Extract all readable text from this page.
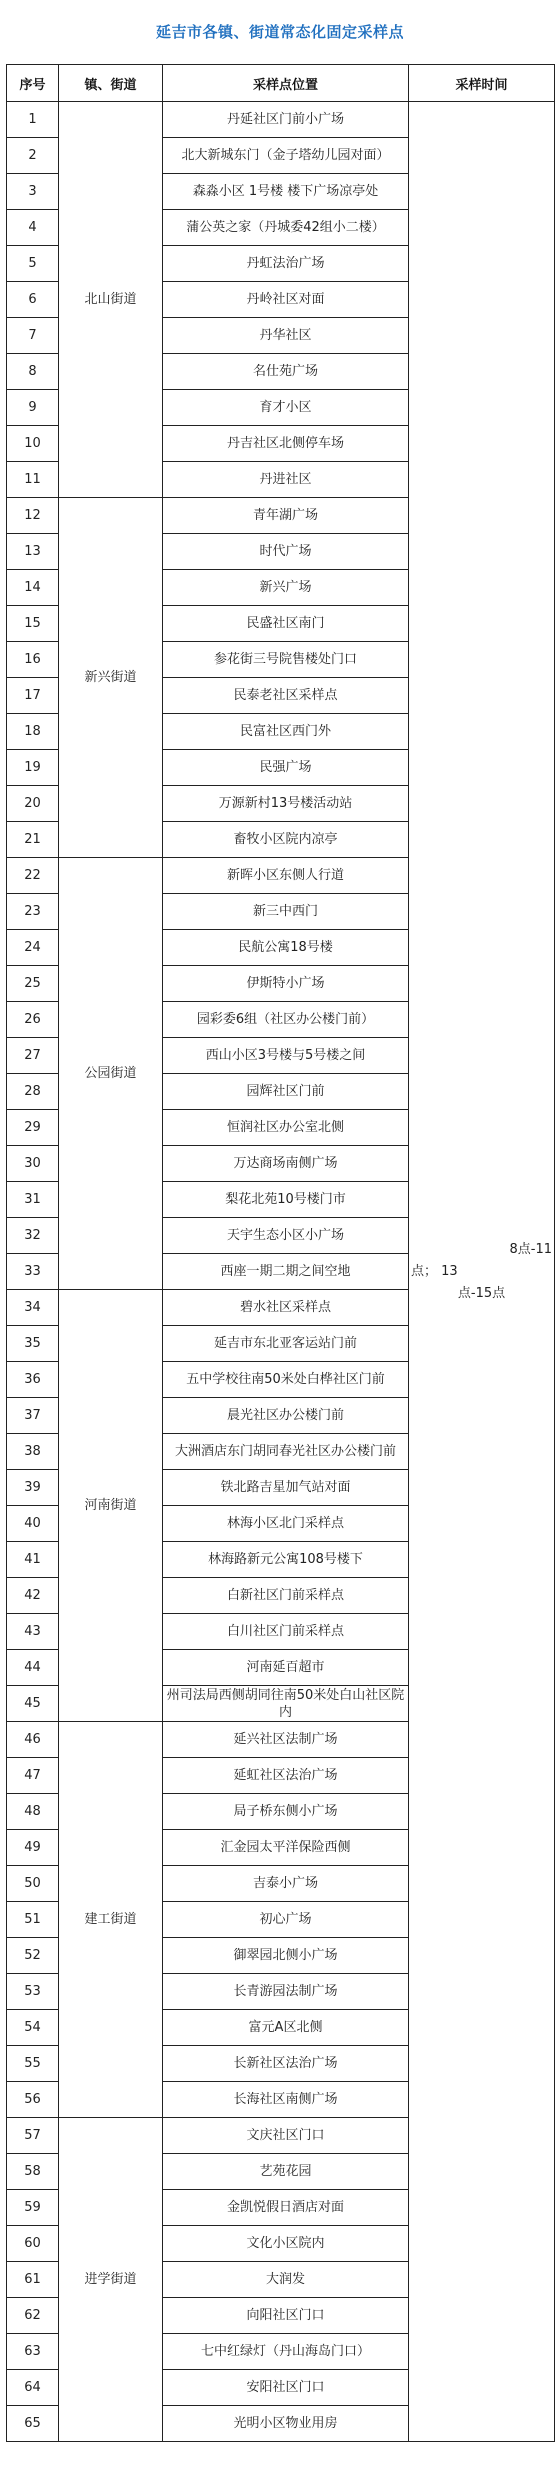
延吉市各镇、街道常态化固定采样点
序号	镇、街道	采样点位置	采样时间
1	北山街道	丹延社区门前小广场	8点-11
点； 13
点-15点

2		北大新城东门（金子塔幼儿园对面）	
3		森淼小区 1号楼 楼下广场凉亭处	
4		蒲公英之家（丹城委42组小二楼）	
5		丹虹法治广场	
6		丹岭社区对面	
7		丹华社区	
8		名仕苑广场	
9		育才小区	
10		丹吉社区北侧停车场	
11		丹进社区	
12	新兴街道	青年湖广场	
13		时代广场	
14		新兴广场	
15		民盛社区南门	
16		参花街三号院售楼处门口	
17		民泰老社区采样点	
18		民富社区西门外	
19		民强广场	
20		万源新村13号楼活动站	
21		畜牧小区院内凉亭	
22	公园街道	新晖小区东侧人行道	
23		新三中西门	
24		民航公寓18号楼	
25		伊斯特小广场	
26		园彩委6组（社区办公楼门前）	
27		西山小区3号楼与5号楼之间	
28		园辉社区门前	
29		恒润社区办公室北侧	
30		万达商场南侧广场	
31		梨花北苑10号楼门市	
32		天宇生态小区小广场	
33		西座一期二期之间空地	
34	河南街道	碧水社区采样点	
35		延吉市东北亚客运站门前	
36		五中学校往南50米处白桦社区门前	
37		晨光社区办公楼门前	
38		大洲酒店东门胡同春光社区办公楼门前	
39		铁北路吉星加气站对面	
40		林海小区北门采样点	
41		林海路新元公寓108号楼下	
42		白新社区门前采样点	
43		白川社区门前采样点	
44		河南延百超市	
45		州司法局西侧胡同往南50米处白山社区院内	
46	建工街道	延兴社区法制广场	
47		延虹社区法治广场	
48		局子桥东侧小广场	
49		汇金园太平洋保险西侧	
50		吉泰小广场	
51		初心广场	
52		御翠园北侧小广场	
53		长青游园法制广场	
54		富元A区北侧	
55		长新社区法治广场	
56		长海社区南侧广场	
57	进学街道	文庆社区门口	
58		艺苑花园	
59		金凯悦假日酒店对面	
60		文化小区院内	
61		大润发	
62		向阳社区门口	
63		七中红绿灯（丹山海岛门口）	
64		安阳社区门口	
65		光明小区物业用房	
